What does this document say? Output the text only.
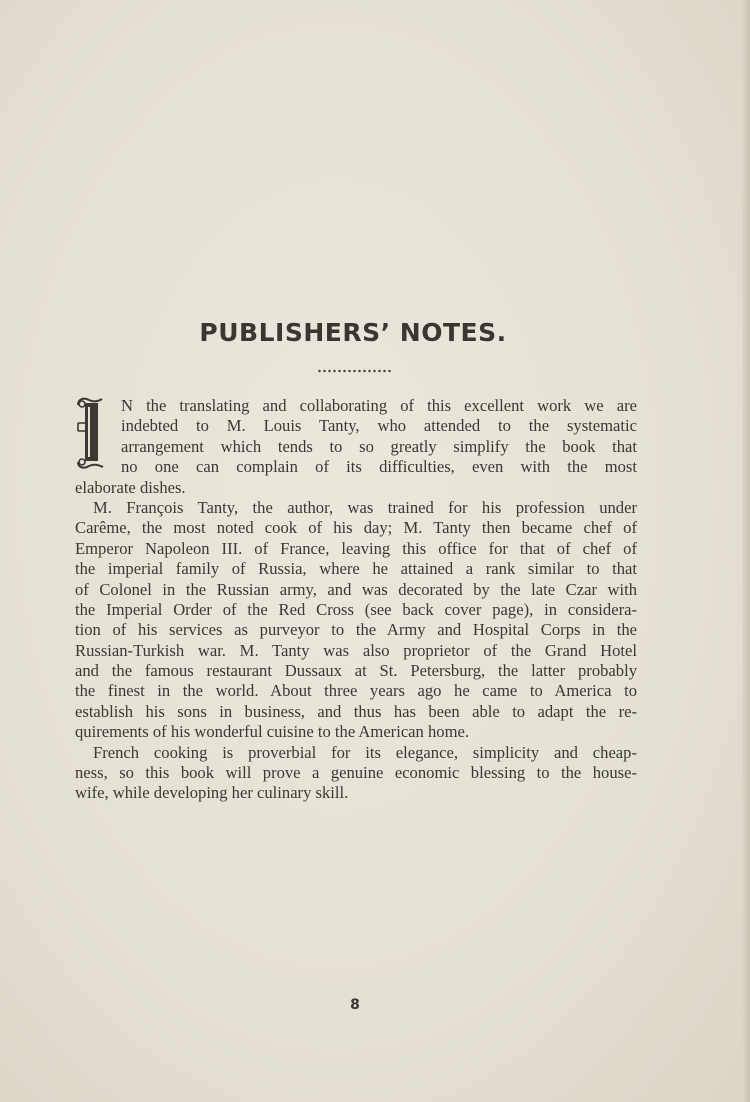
PUBLISHERS’ NOTES.
N the translating and collaborating of this excellent work we are
indebted to M. Louis Tanty, who attended to the systematic
arrangement which tends to so greatly simplify the book that
no one can complain of its difficulties, even with the most
elaborate dishes.
M. François Tanty, the author, was trained for his profession under
Carême, the most noted cook of his day; M. Tanty then became chef of
Emperor Napoleon III. of France, leaving this office for that of chef of
the imperial family of Russia, where he attained a rank similar to that
of Colonel in the Russian army, and was decorated by the late Czar with
the Imperial Order of the Red Cross (see back cover page), in considera-
tion of his services as purveyor to the Army and Hospital Corps in the
Russian-Turkish war. M. Tanty was also proprietor of the Grand Hotel
and the famous restaurant Dussaux at St. Petersburg, the latter probably
the finest in the world. About three years ago he came to America to
establish his sons in business, and thus has been able to adapt the re-
quirements of his wonderful cuisine to the American home.
French cooking is proverbial for its elegance, simplicity and cheap-
ness, so this book will prove a genuine economic blessing to the house-
wife, while developing her culinary skill.
8
